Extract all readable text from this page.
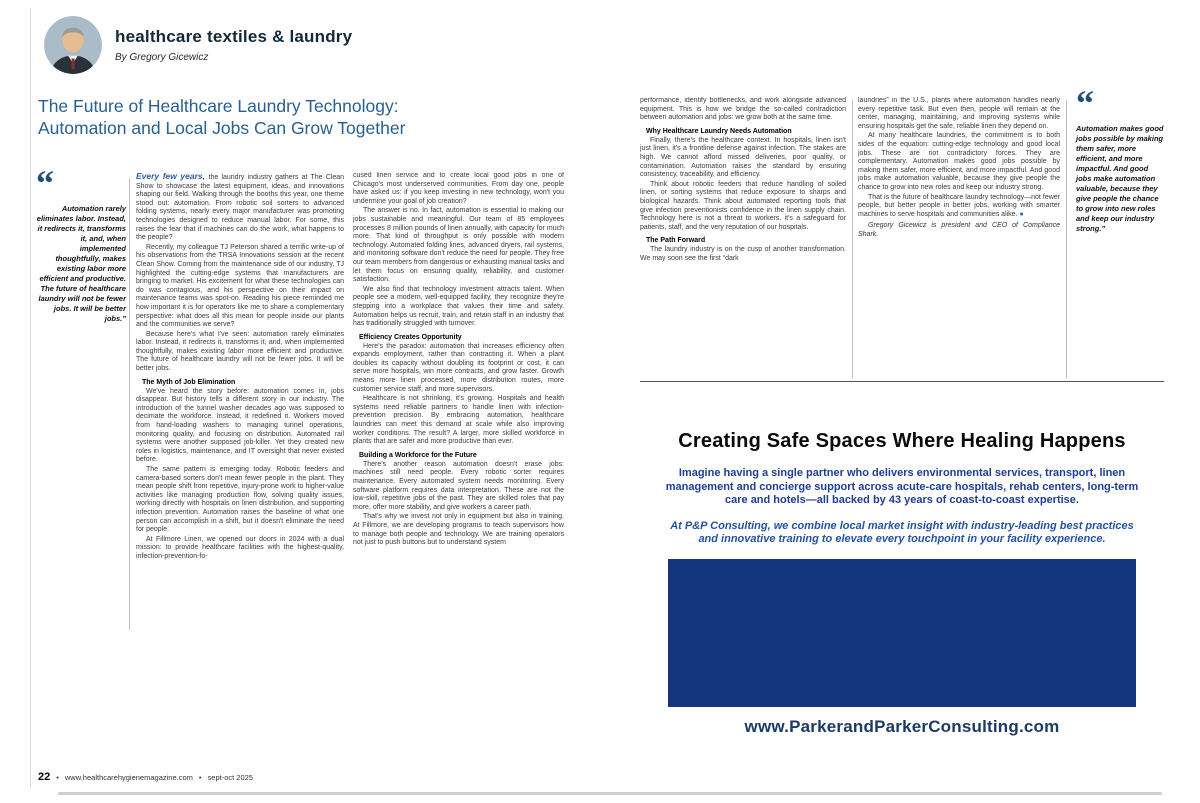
healthcare textiles & laundry
By Gregory Gicewicz
The Future of Healthcare Laundry Technology:
Automation and Local Jobs Can Grow Together
“
Automation rarely eliminates labor. Instead, it redirects it, transforms it, and, when implemented thoughtfully, makes existing labor more efficient and productive. The future of healthcare laundry will not be fewer jobs. It will be better jobs.”

Every few years, the laundry industry gathers at The Clean Show to showcase the latest equipment, ideas, and innovations shaping our field. Walking through the booths this year, one theme stood out: automation. From robotic soil sorters to advanced folding systems, nearly every major manufacturer was promoting technologies designed to reduce manual labor. For some, this raises the fear that if machines can do the work, what happens to the people?

Recently, my colleague TJ Peterson shared a terrific write-up of his observations from the TRSA Innovations session at the recent Clean Show. Coming from the maintenance side of our industry, TJ highlighted the cutting-edge systems that manufacturers are bringing to market. His excitement for what these technologies can do was contagious, and his perspective on their impact on maintenance teams was spot-on. Reading his piece reminded me how important it is for operators like me to share a complementary perspective: what does all this mean for people inside our plants and the communities we serve?

Because here's what I've seen: automation rarely eliminates labor. Instead, it redirects it, transforms it, and, when implemented thoughtfully, makes existing labor more efficient and productive. The future of healthcare laundry will not be fewer jobs. It will be better jobs.

The Myth of Job Elimination

We've heard the story before: automation comes in, jobs disappear. But history tells a different story in our industry. The introduction of the tunnel washer decades ago was supposed to decimate the workforce. Instead, it redefined it. Workers moved from hand-loading washers to managing tunnel operations, monitoring quality, and focusing on distribution. Automated rail systems were another supposed job-killer. Yet they created new roles in logistics, maintenance, and IT oversight that never existed before.

The same pattern is emerging today. Robotic feeders and camera-based sorters don't mean fewer people in the plant. They mean people shift from repetitive, injury-prone work to higher-value activities like managing production flow, solving quality issues, working directly with hospitals on linen distribution, and supporting infection prevention. Automation raises the baseline of what one person can accomplish in a shift, but it doesn't eliminate the need for people.

At Fillmore Linen, we opened our doors in 2024 with a dual mission: to provide healthcare facilities with the highest-quality, infection-prevention-fo-

cused linen service and to create local good jobs in one of Chicago's most underserved communities. From day one, people have asked us: if you keep investing in new technology, won't you undermine your goal of job creation?

The answer is no. In fact, automation is essential to making our jobs sustainable and meaningful. Our team of 85 employees processes 8 million pounds of linen annually, with capacity for much more. That kind of throughput is only possible with modern technology. Automated folding lines, advanced dryers, rail systems, and monitoring software don't reduce the need for people. They free our team members from dangerous or exhausting manual tasks and let them focus on ensuring quality, reliability, and customer satisfaction.

We also find that technology investment attracts talent. When people see a modern, well-equipped facility, they recognize they're stepping into a workplace that values their time and safety. Automation helps us recruit, train, and retain staff in an industry that has traditionally struggled with turnover.

Efficiency Creates Opportunity

Here's the paradox: automation that increases efficiency often expands employment, rather than contracting it. When a plant doubles its capacity without doubling its footprint or cost, it can serve more hospitals, win more contracts, and grow faster. Growth means more linen processed, more distribution routes, more customer service staff, and more supervisors.

Healthcare is not shrinking, it's growing. Hospitals and health systems need reliable partners to handle linen with infection-prevention precision. By embracing automation, healthcare laundries can meet this demand at scale while also improving worker conditions. The result? A larger, more skilled workforce in plants that are safer and more productive than ever.

Building a Workforce for the Future

There's another reason automation doesn't erase jobs: machines still need people. Every robotic sorter requires maintenance. Every automated system needs monitoring. Every software platform requires data interpretation. These are not the low-skill, repetitive jobs of the past. They are skilled roles that pay more, offer more stability, and give workers a career path.

That's why we invest not only in equipment but also in training. At Fillmore, we are developing programs to teach supervisors how to manage both people and technology. We are training operators not just to push buttons but to understand system

performance, identify bottlenecks, and work alongside advanced equipment. This is how we bridge the so-called contradiction between automation and jobs: we grow both at the same time.

Why Healthcare Laundry Needs Automation

Finally, there's the healthcare context. In hospitals, linen isn't just linen, it's a frontline defense against infection. The stakes are high. We cannot afford missed deliveries, poor quality, or contamination. Automation raises the standard by ensuring consistency, traceability, and efficiency.

Think about robotic feeders that reduce handling of soiled linen, or sorting systems that reduce exposure to sharps and biological hazards. Think about automated reporting tools that give infection preventionists confidence in the linen supply chain. Technology here is not a threat to workers. it's a safeguard for patients, staff, and the very reputation of our hospitals.

The Path Forward

The laundry industry is on the cusp of another transformation. We may soon see the first “dark

laundries” in the U.S., plants where automation handles nearly every repetitive task. But even then, people will remain at the center, managing, maintaining, and improving systems while ensuring hospitals get the safe, reliable linen they depend on.

At many healthcare laundries, the commitment is to both sides of the equation: cutting-edge technology and good local jobs. These are not contradictory forces. They are complementary. Automation makes good jobs possible by making them safer, more efficient, and more impactful. And good jobs make automation valuable, because they give people the chance to grow into new roles and keep our industry strong.

That is the future of healthcare laundry technology—not fewer people, but better people in better jobs, working with smarter machines to serve hospitals and communities alike. ●

Gregory Gicewicz is president and CEO of Compliance Shark.

“
Automation makes good jobs possible by making them safer, more efficient, and more impactful. And good jobs make automation valuable, because they give people the chance to grow into new roles and keep our industry strong.”
Creating Safe Spaces Where Healing Happens
Imagine having a single partner who delivers environmental services, transport, linen management and concierge support across acute-care hospitals, rehab centers, long-term care and hotels—all backed by 43 years of coast-to-coast expertise.
At P&P Consulting, we combine local market insight with industry-leading best practices and innovative training to elevate every touchpoint in your facility experience.
www.ParkerandParkerConsulting.com
22 • www.healthcarehygienemagazine.com • sept-oct 2025
